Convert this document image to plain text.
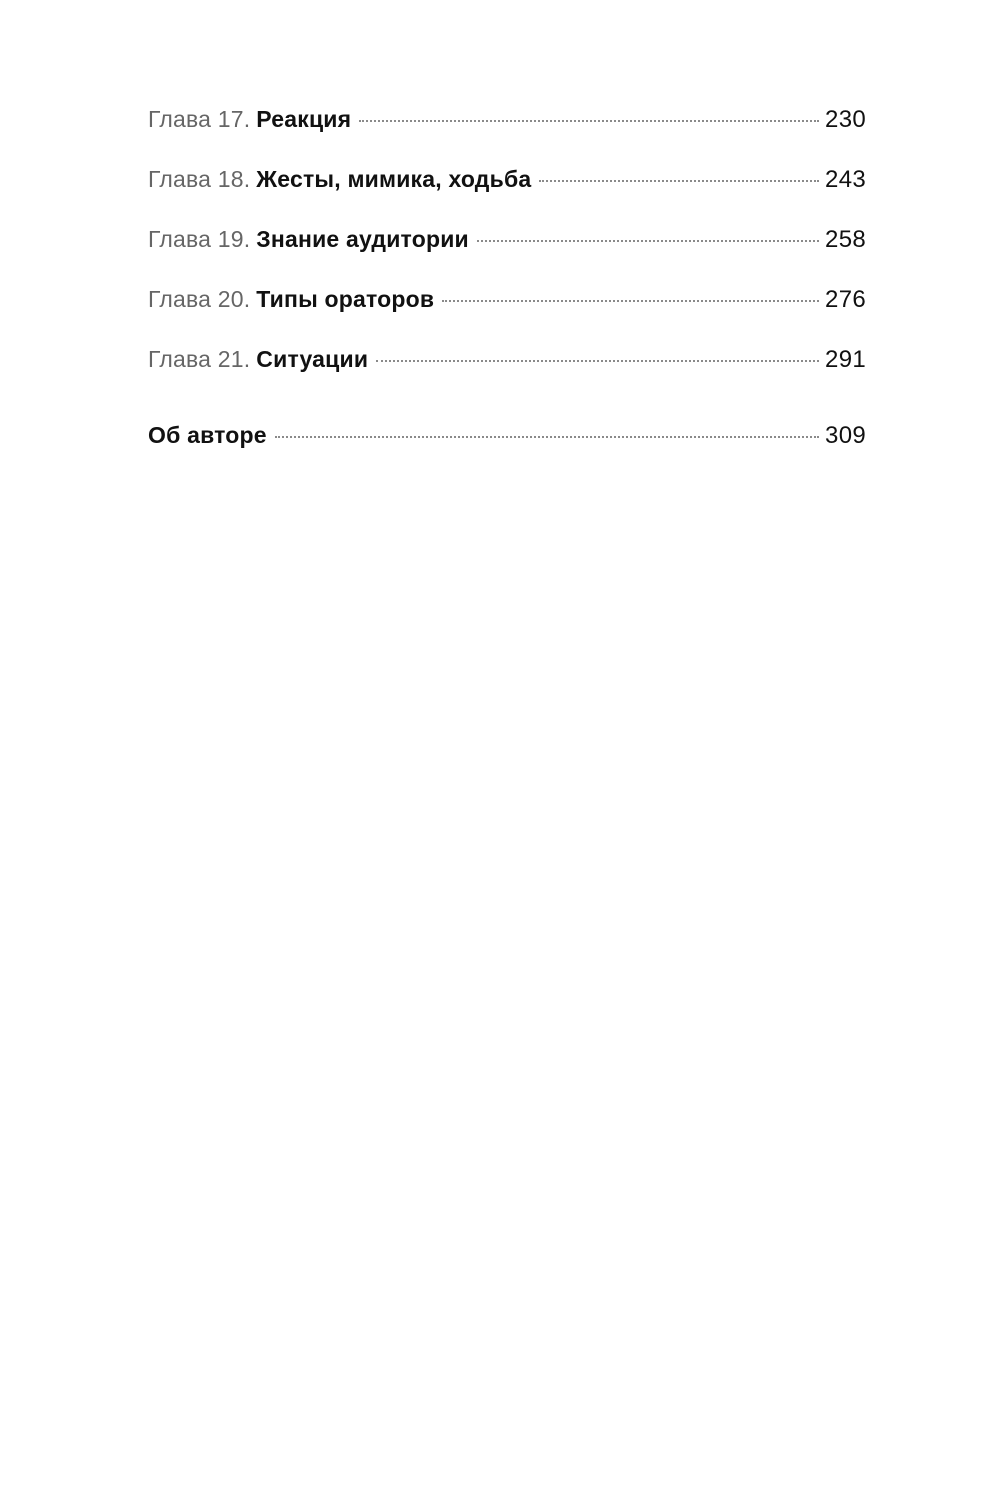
Глава 17. Реакция	230
Глава 18. Жесты, мимика, ходьба	243
Глава 19. Знание аудитории	258
Глава 20. Типы ораторов	276
Глава 21. Ситуации	291
Об авторе	309
